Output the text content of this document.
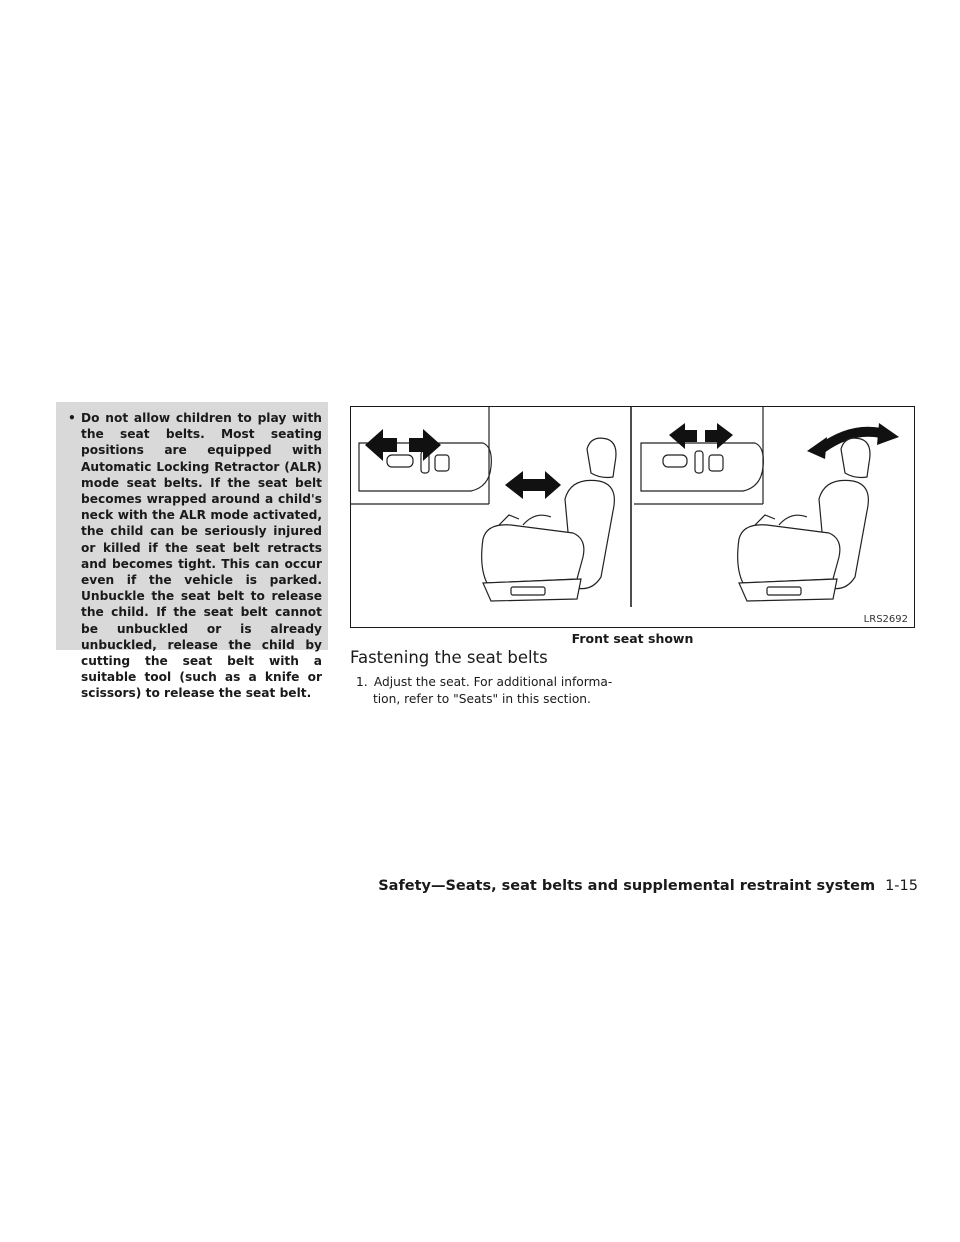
• Do not allow children to play with the seat belts. Most seating positions are equipped with Automatic Locking Retractor (ALR) mode seat belts. If the seat belt becomes wrapped around a child's neck with the ALR mode activated, the child can be seriously injured or killed if the seat belt retracts and becomes tight. This can occur even if the vehicle is parked. Unbuckle the seat belt to release the child. If the seat belt cannot be unbuckled or is already unbuckled, release the child by cutting the seat belt with a suitable tool (such as a knife or scissors) to release the seat belt.

LRS2692
Front seat shown
Fastening the seat belts
1. Adjust the seat. For additional informa-
tion, refer to "Seats" in this section.
Safety—Seats, seat belts and supplemental restraint system 1-15
